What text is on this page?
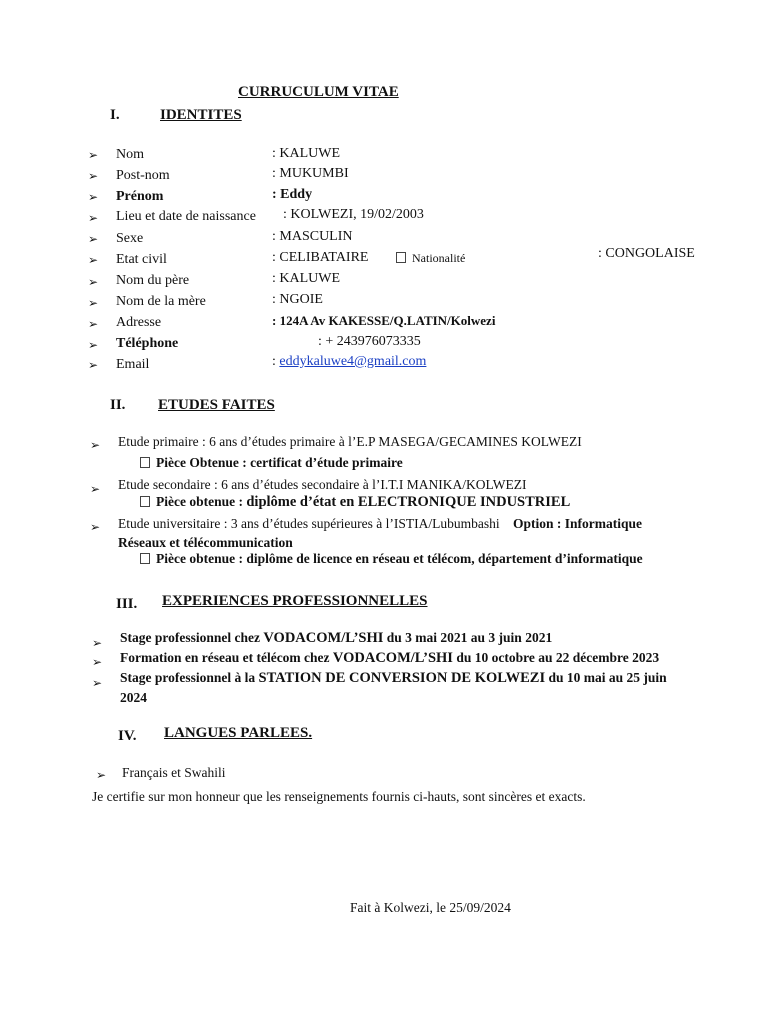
CURRUCULUM VITAE
I.	IDENTITES
➢ Nom	: KALUWE
➢ Post-nom	: MUKUMBI
➢ Prénom	: Eddy
➢ Lieu et date de naissance : KOLWEZI, 19/02/2003
➢ Sexe	: MASCULIN
➢ Etat civil	: CELIBATAIRE	Nationalité	: CONGOLAISE
➢ Nom du père	: KALUWE
➢ Nom de la mère	: NGOIE
➢ Adresse	: 124A Av KAKESSE/Q.LATIN/Kolwezi
➢ Téléphone	: + 243976073335
➢ Email	: eddykaluwe4@gmail.com
II. ETUDES FAITES
➢ Etude primaire : 6 ans d’études primaire à l’E.P MASEGA/GECAMINES KOLWEZI
Pièce Obtenue : certificat d’étude primaire
➢ Etude secondaire : 6 ans d’études secondaire à l’I.T.I MANIKA/KOLWEZI
Pièce obtenue : diplôme d’état en ELECTRONIQUE INDUSTRIEL
➢ Etude universitaire : 3 ans d’études supérieures à l’ISTIA/Lubumbashi Option : Informatique
Réseaux et télécommunication
Pièce obtenue : diplôme de licence en réseau et télécom, département d’informatique
III. EXPERIENCES PROFESSIONNELLES
➢ Stage professionnel chez VODACOM/L’SHI du 3 mai 2021 au 3 juin 2021
➢ Formation en réseau et télécom chez VODACOM/L’SHI du 10 octobre au 22 décembre 2023
➢ Stage professionnel à la STATION DE CONVERSION DE KOLWEZI du 10 mai au 25 juin
2024
IV. LANGUES PARLEES.
➢ Français et Swahili
Je certifie sur mon honneur que les renseignements fournis ci-hauts, sont sincères et exacts.
Fait à Kolwezi, le 25/09/2024
